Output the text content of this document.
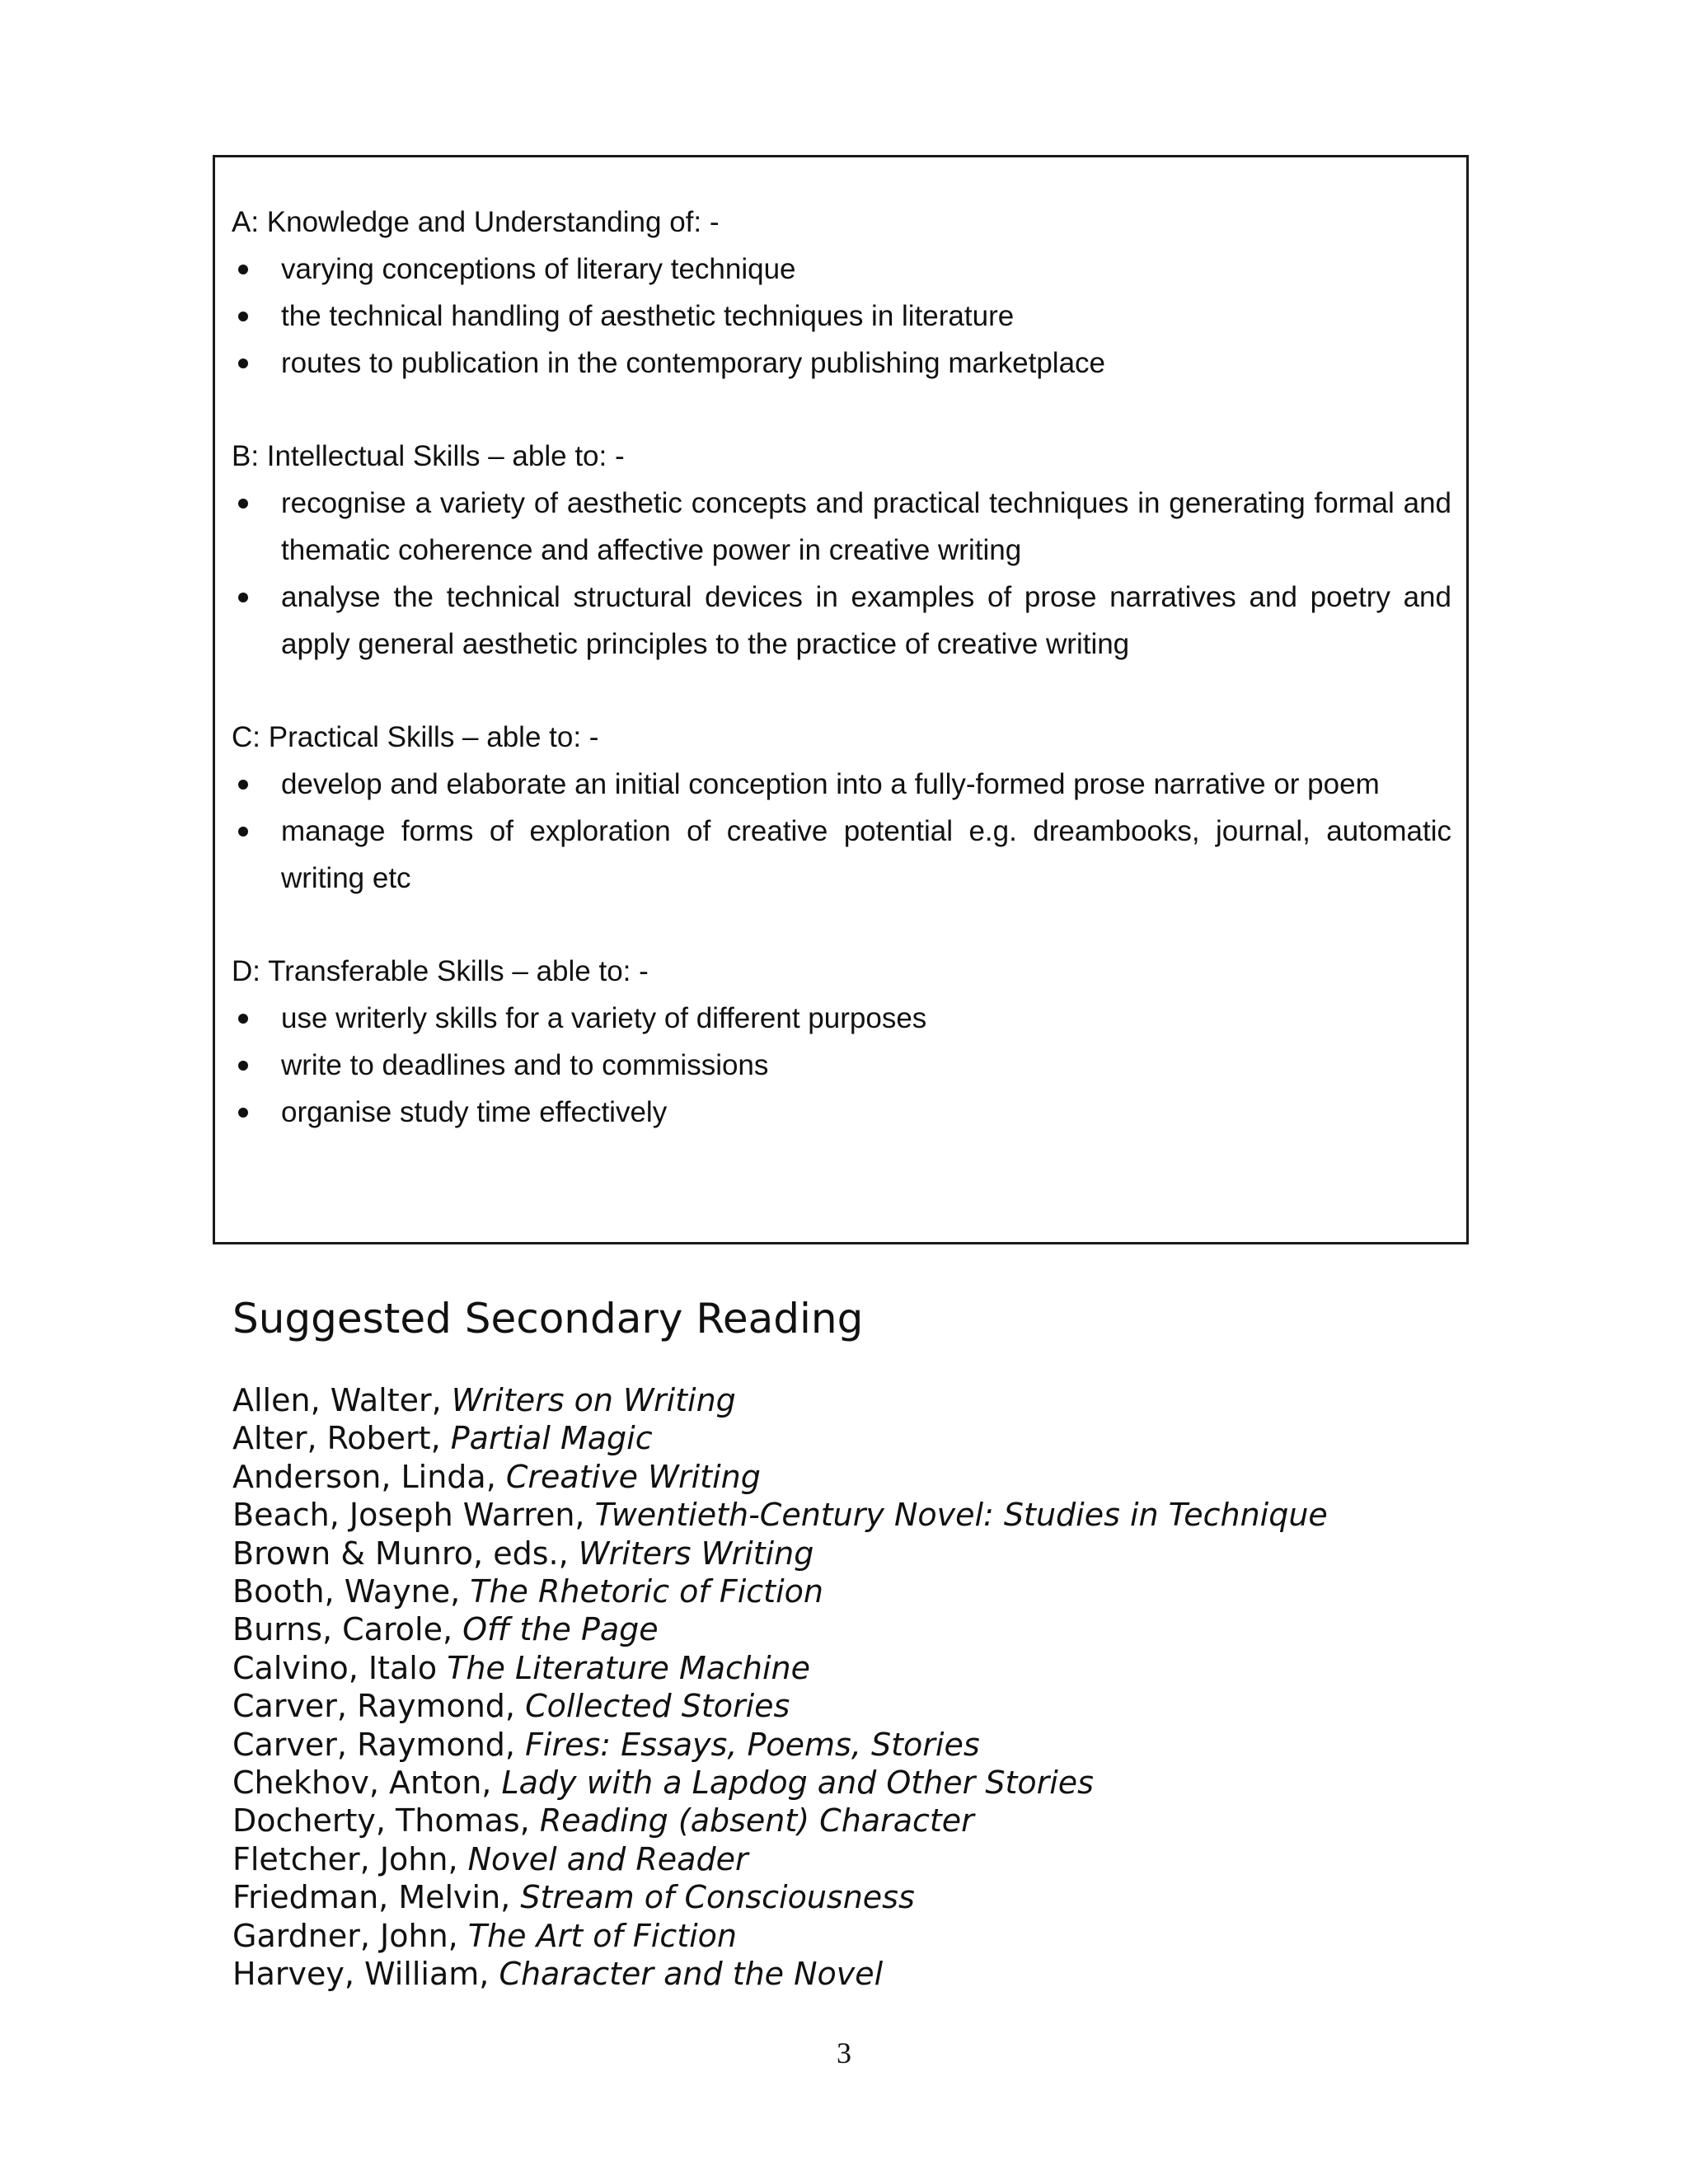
A: Knowledge and Understanding of: -

varying conceptions of literary technique
the technical handling of aesthetic techniques in literature
routes to publication in the contemporary publishing marketplace

B: Intellectual Skills – able to: -

recognise a variety of aesthetic concepts and practical techniques in generating formal and thematic coherence and affective power in creative writing
analyse the technical structural devices in examples of prose narratives and poetry and apply general aesthetic principles to the practice of creative writing

C: Practical Skills – able to: -

develop and elaborate an initial conception into a fully-formed prose narrative or poem
manage forms of exploration of creative potential e.g. dreambooks, journal, automatic writing etc

D: Transferable Skills – able to: -

use writerly skills for a variety of different purposes
write to deadlines and to commissions
organise study time effectively
Suggested Secondary Reading
Allen, Walter, Writers on Writing
Alter, Robert, Partial Magic
Anderson, Linda, Creative Writing
Beach, Joseph Warren, Twentieth-Century Novel: Studies in Technique
Brown & Munro, eds., Writers Writing
Booth, Wayne, The Rhetoric of Fiction
Burns, Carole, Off the Page
Calvino, Italo The Literature Machine
Carver, Raymond, Collected Stories
Carver, Raymond, Fires: Essays, Poems, Stories
Chekhov, Anton, Lady with a Lapdog and Other Stories
Docherty, Thomas, Reading (absent) Character
Fletcher, John, Novel and Reader
Friedman, Melvin, Stream of Consciousness
Gardner, John, The Art of Fiction
Harvey, William, Character and the Novel
3
